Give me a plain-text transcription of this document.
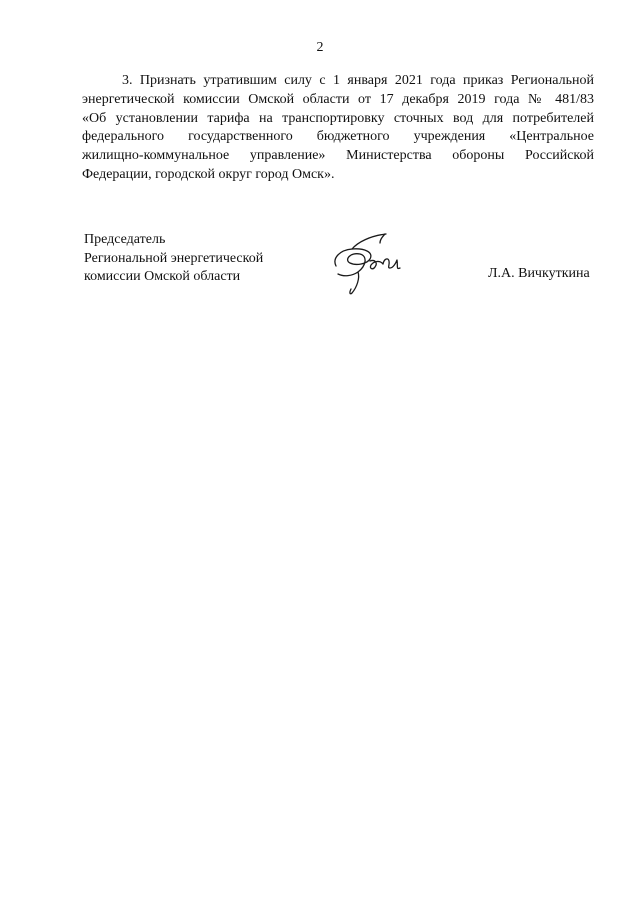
2
3. Признать утратившим силу с 1 января 2021 года приказ Региональной
энергетической комиссии Омской области от 17 декабря 2019 года № 481/83
«Об установлении тарифа на транспортировку сточных вод для потребителей
федерального государственного бюджетного учреждения «Центральное
жилищно-коммунальное управление» Министерства обороны Российской
Федерации, городской округ город Омск».
Председатель
Региональной энергетической
комиссии Омской области	Л.А. Вичкуткина
